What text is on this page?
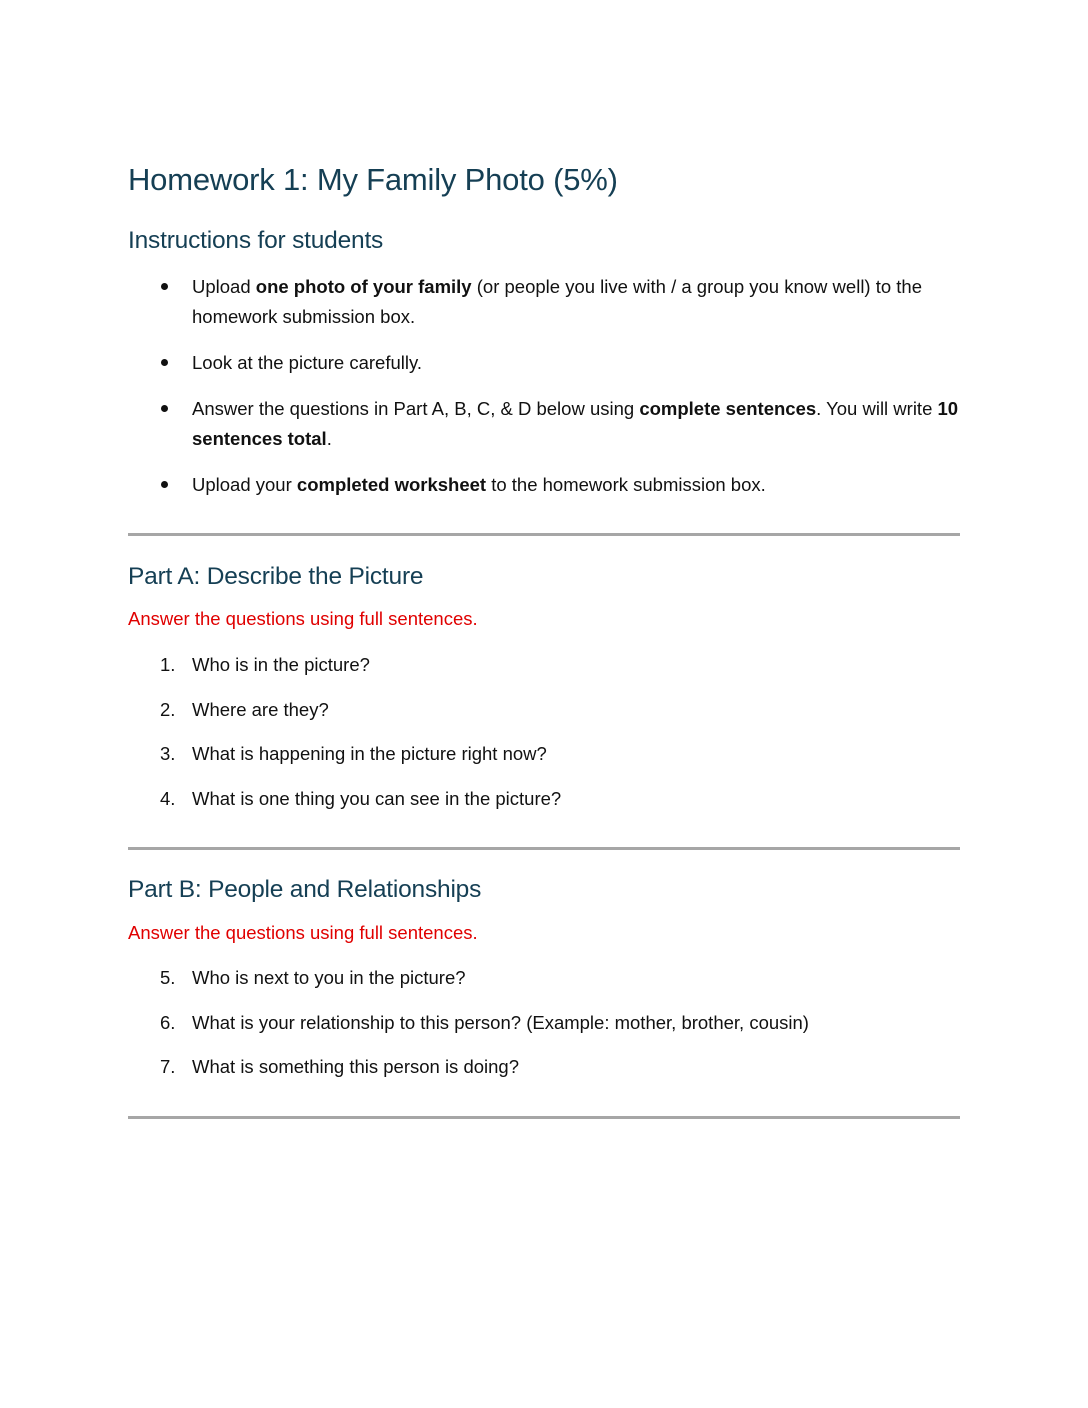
Homework 1: My Family Photo (5%)
Instructions for students
Upload one photo of your family (or people you live with / a group you know well) to the homework submission box.
Look at the picture carefully.
Answer the questions in Part A, B, C, & D below using complete sentences. You will write 10 sentences total.
Upload your completed worksheet to the homework submission box.
Part A: Describe the Picture

Answer the questions using full sentences.

1. Who is in the picture?
2. Where are they?
3. What is happening in the picture right now?
4. What is one thing you can see in the picture?
Part B: People and Relationships

Answer the questions using full sentences.

5. Who is next to you in the picture?
6. What is your relationship to this person? (Example: mother, brother, cousin)
7. What is something this person is doing?
